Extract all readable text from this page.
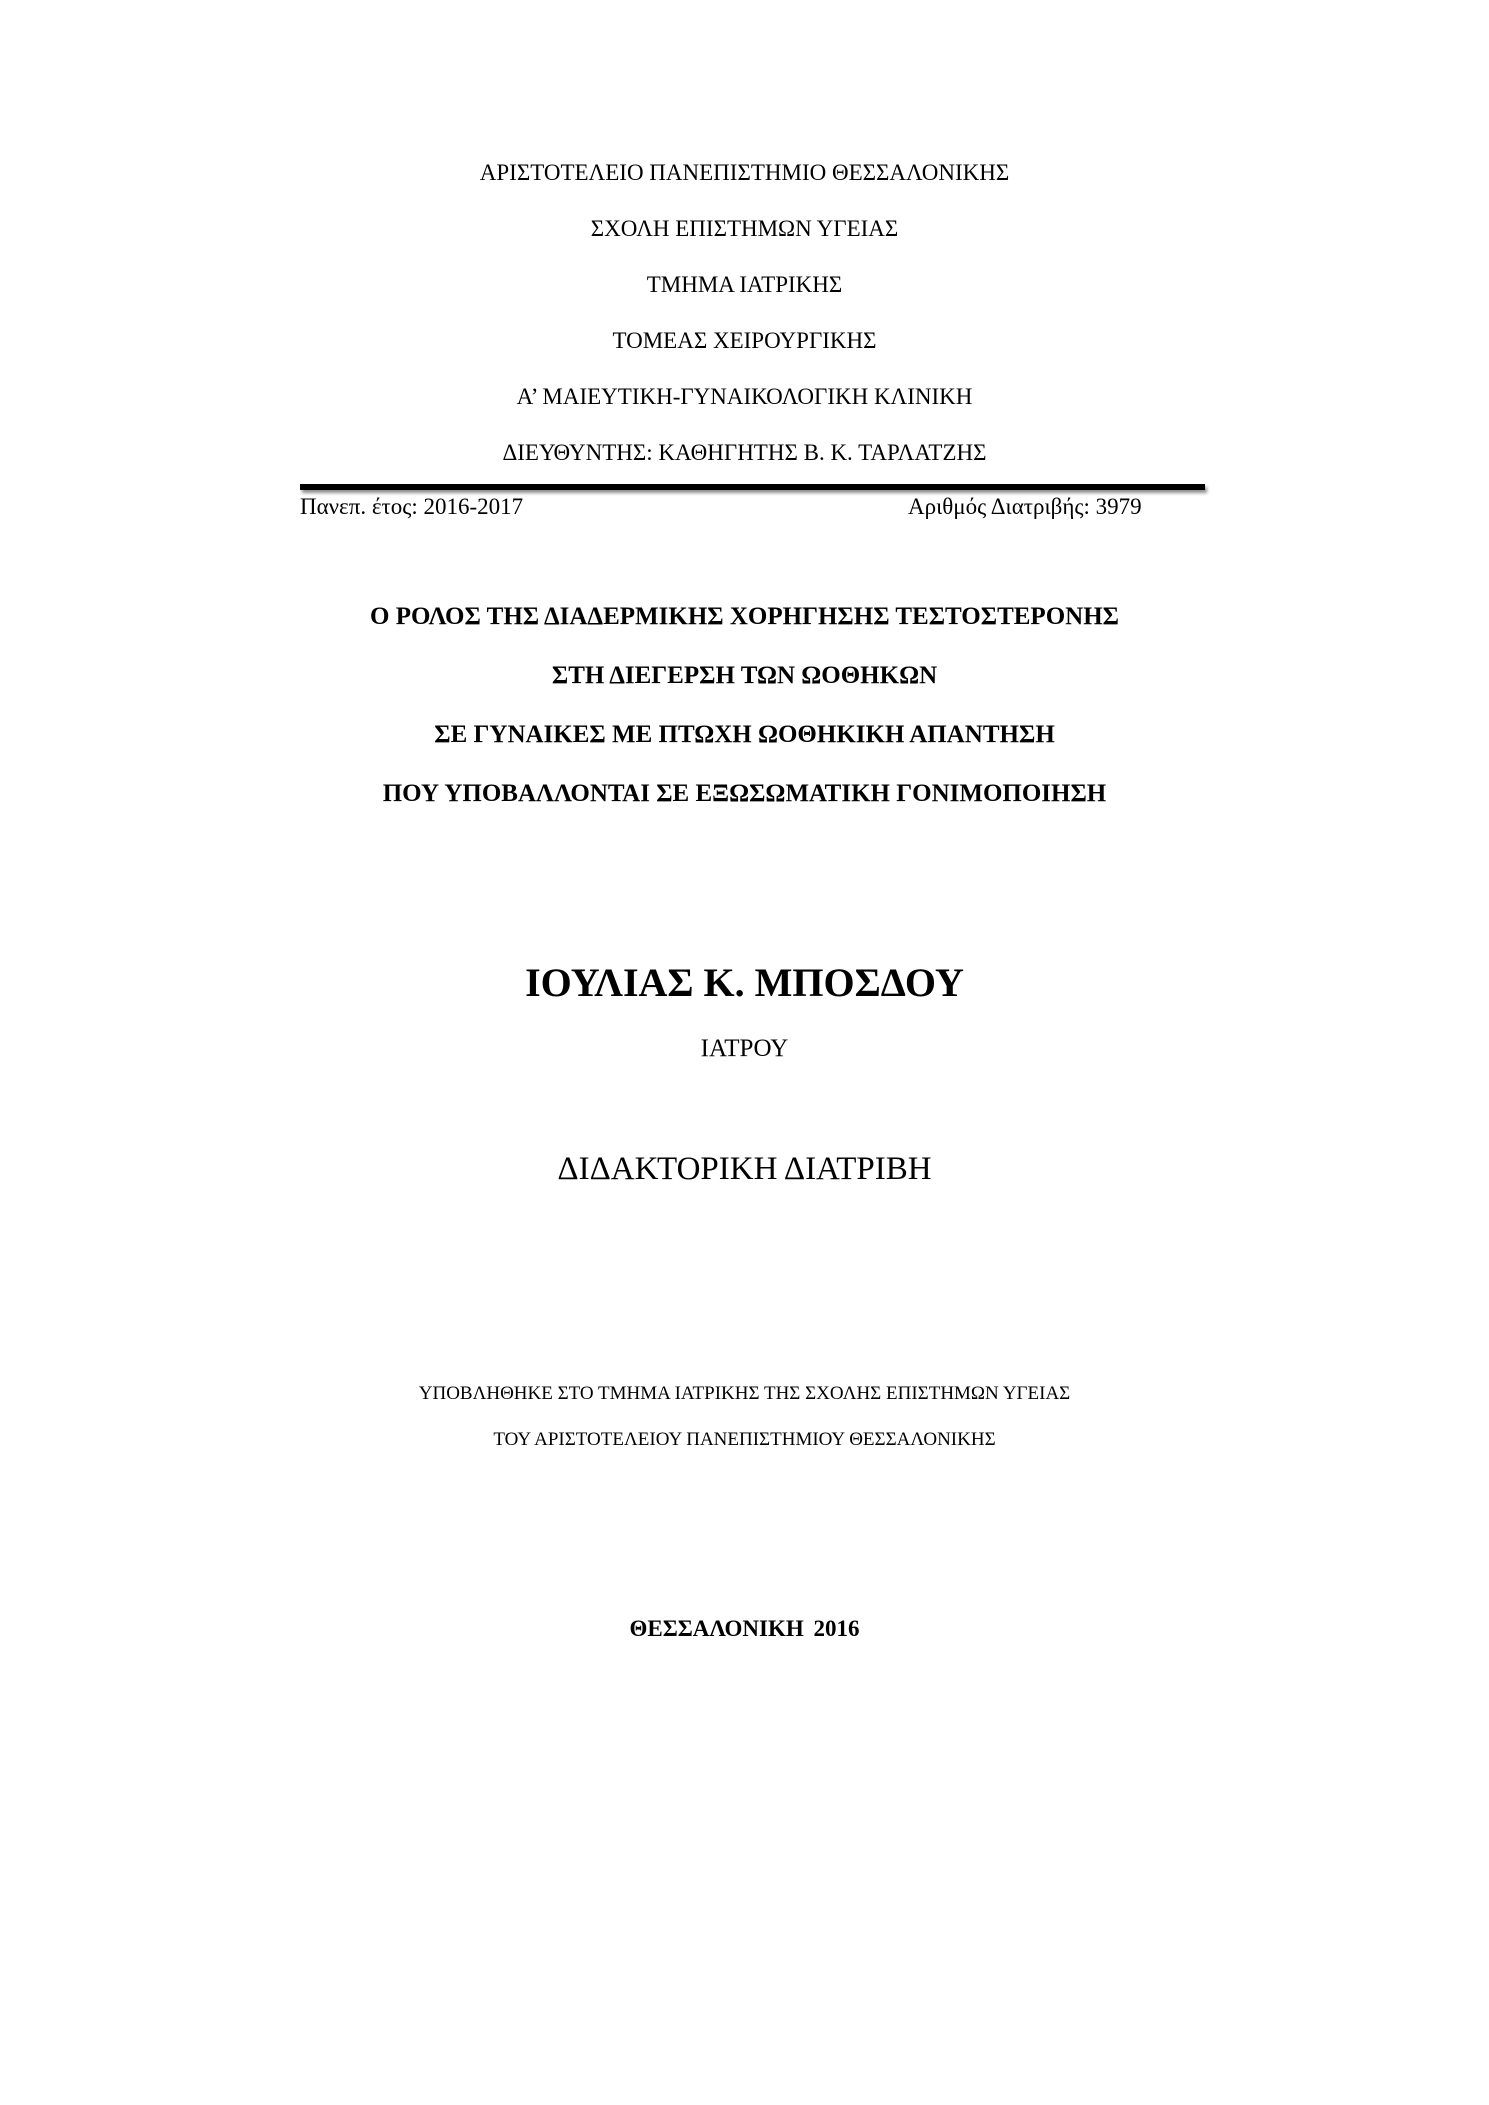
ΑΡΙΣΤΟΤΕΛΕΙΟ ΠΑΝΕΠΙΣΤΗΜΙΟ ΘΕΣΣΑΛΟΝΙΚΗΣ
ΣΧΟΛΗ ΕΠΙΣΤΗΜΩΝ ΥΓΕΙΑΣ
ΤΜΗΜΑ ΙΑΤΡΙΚΗΣ
ΤΟΜΕΑΣ ΧΕΙΡΟΥΡΓΙΚΗΣ
Α’ ΜΑΙΕΥΤΙΚΗ-ΓΥΝΑΙΚΟΛΟΓΙΚΗ ΚΛΙΝΙΚΗ
ΔΙΕΥΘΥΝΤΗΣ: ΚΑΘΗΓΗΤΗΣ Β. Κ. ΤΑΡΛΑΤΖΗΣ
Πανεπ. έτος: 2016-2017	Αριθμός Διατριβής: 3979
Ο ΡΟΛΟΣ ΤΗΣ ΔΙΑΔΕΡΜΙΚΗΣ ΧΟΡΗΓΗΣΗΣ ΤΕΣΤΟΣΤΕΡΟΝΗΣ
ΣΤΗ ΔΙΕΓΕΡΣΗ ΤΩΝ ΩΟΘΗΚΩΝ
ΣΕ ΓΥΝΑΙΚΕΣ ΜΕ ΠΤΩΧΗ ΩΟΘΗΚΙΚΗ ΑΠΑΝΤΗΣΗ
ΠΟΥ ΥΠΟΒΑΛΛΟΝΤΑΙ ΣΕ ΕΞΩΣΩΜΑΤΙΚΗ ΓΟΝΙΜΟΠΟΙΗΣΗ
ΙΟΥΛΙΑΣ Κ. ΜΠΟΣΔΟΥ
ΙΑΤΡΟΥ
ΔΙΔΑΚΤΟΡΙΚΗ ΔΙΑΤΡΙΒΗ
ΥΠΟΒΛΗΘΗΚΕ ΣΤΟ ΤΜΗΜΑ ΙΑΤΡΙΚΗΣ ΤΗΣ ΣΧΟΛΗΣ ΕΠΙΣΤΗΜΩΝ ΥΓΕΙΑΣ
ΤΟΥ ΑΡΙΣΤΟΤΕΛΕΙΟΥ ΠΑΝΕΠΙΣΤΗΜΙΟΥ ΘΕΣΣΑΛΟΝΙΚΗΣ
ΘΕΣΣΑΛΟΝΙΚΗ 2016
